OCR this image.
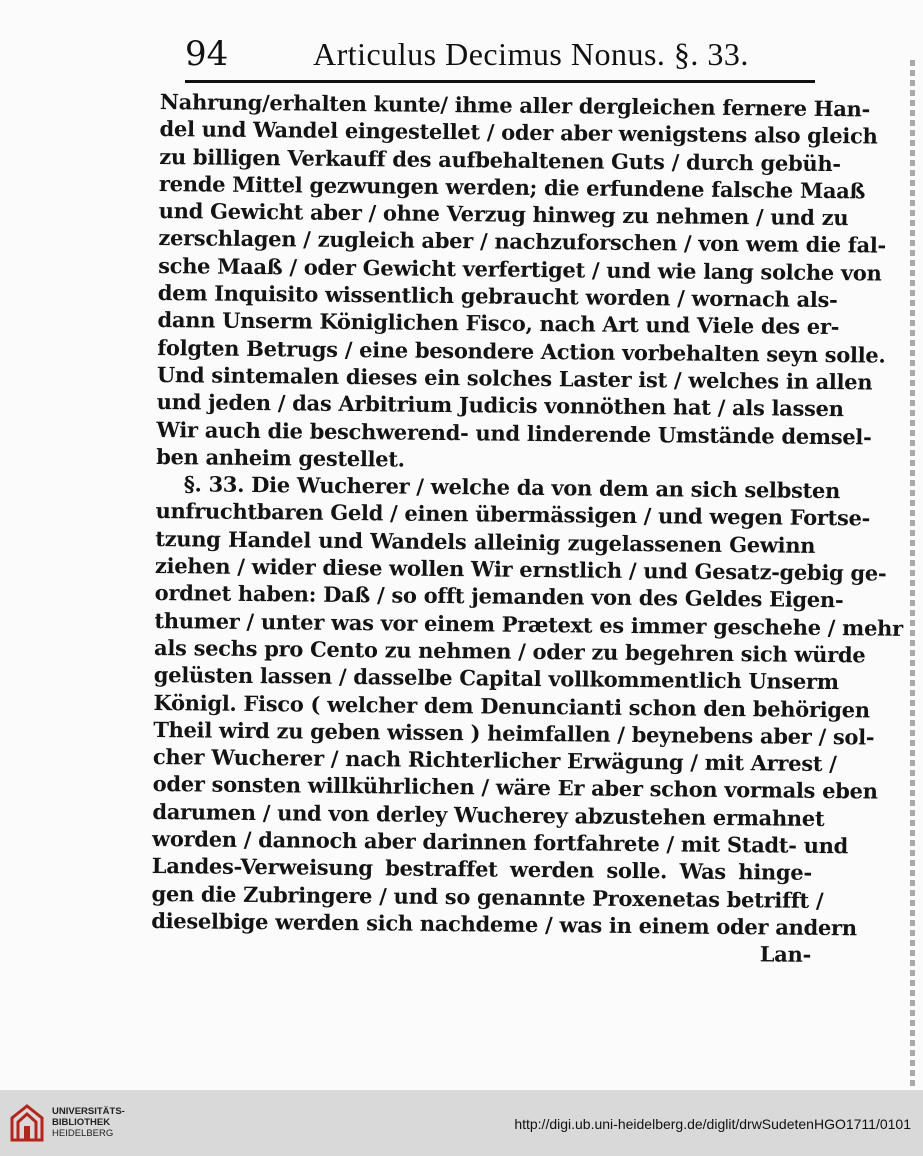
94	Articulus Decimus Nonus. §. 33.
Nahrung/erhalten kunte/ ihme aller dergleichen fernere Han-
del und Wandel eingestellet / oder aber wenigstens also gleich
zu billigen Verkauff des aufbehaltenen Guts / durch gebüh-
rende Mittel gezwungen werden; die erfundene falsche Maaß
und Gewicht aber / ohne Verzug hinweg zu nehmen / und zu
zerschlagen / zugleich aber / nachzuforschen / von wem die fal-
sche Maaß / oder Gewicht verfertiget / und wie lang solche von
dem Inquisito wissentlich gebraucht worden / wornach als-
dann Unserm Königlichen Fisco, nach Art und Viele des er-
folgten Betrugs / eine besondere Action vorbehalten seyn solle.
Und sintemalen dieses ein solches Laster ist / welches in allen
und jeden / das Arbitrium Judicis vonnöthen hat / als lassen
Wir auch die beschwerend- und linderende Umstände demsel-
ben anheim gestellet.
§. 33. Die Wucherer / welche da von dem an sich selbsten
unfruchtbaren Geld / einen übermässigen / und wegen Fortse-
tzung Handel und Wandels alleinig zugelassenen Gewinn
ziehen / wider diese wollen Wir ernstlich / und Gesatz-gebig ge-
ordnet haben: Daß / so offt jemanden von des Geldes Eigen-
thumer / unter was vor einem Prætext es immer geschehe / mehr
als sechs pro Cento zu nehmen / oder zu begehren sich würde
gelüsten lassen / dasselbe Capital vollkommentlich Unserm
Königl. Fisco ( welcher dem Denuncianti schon den behörigen
Theil wird zu geben wissen ) heimfallen / beynebens aber / sol-
cher Wucherer / nach Richterlicher Erwägung / mit Arrest /
oder sonsten willkührlichen / wäre Er aber schon vormals eben
darumen / und von derley Wucherey abzustehen ermahnet
worden / dannoch aber darinnen fortfahrete / mit Stadt- und
Landes-Verweisung bestraffet werden solle. Was hinge-
gen die Zubringere / und so genannte Proxenetas betrifft /
dieselbige werden sich nachdeme / was in einem oder andern
Lan-
UNIVERSITÄTS-
BIBLIOTHEK
HEIDELBERG
http://digi.ub.uni-heidelberg.de/diglit/drwSudetenHGO1711/0101
